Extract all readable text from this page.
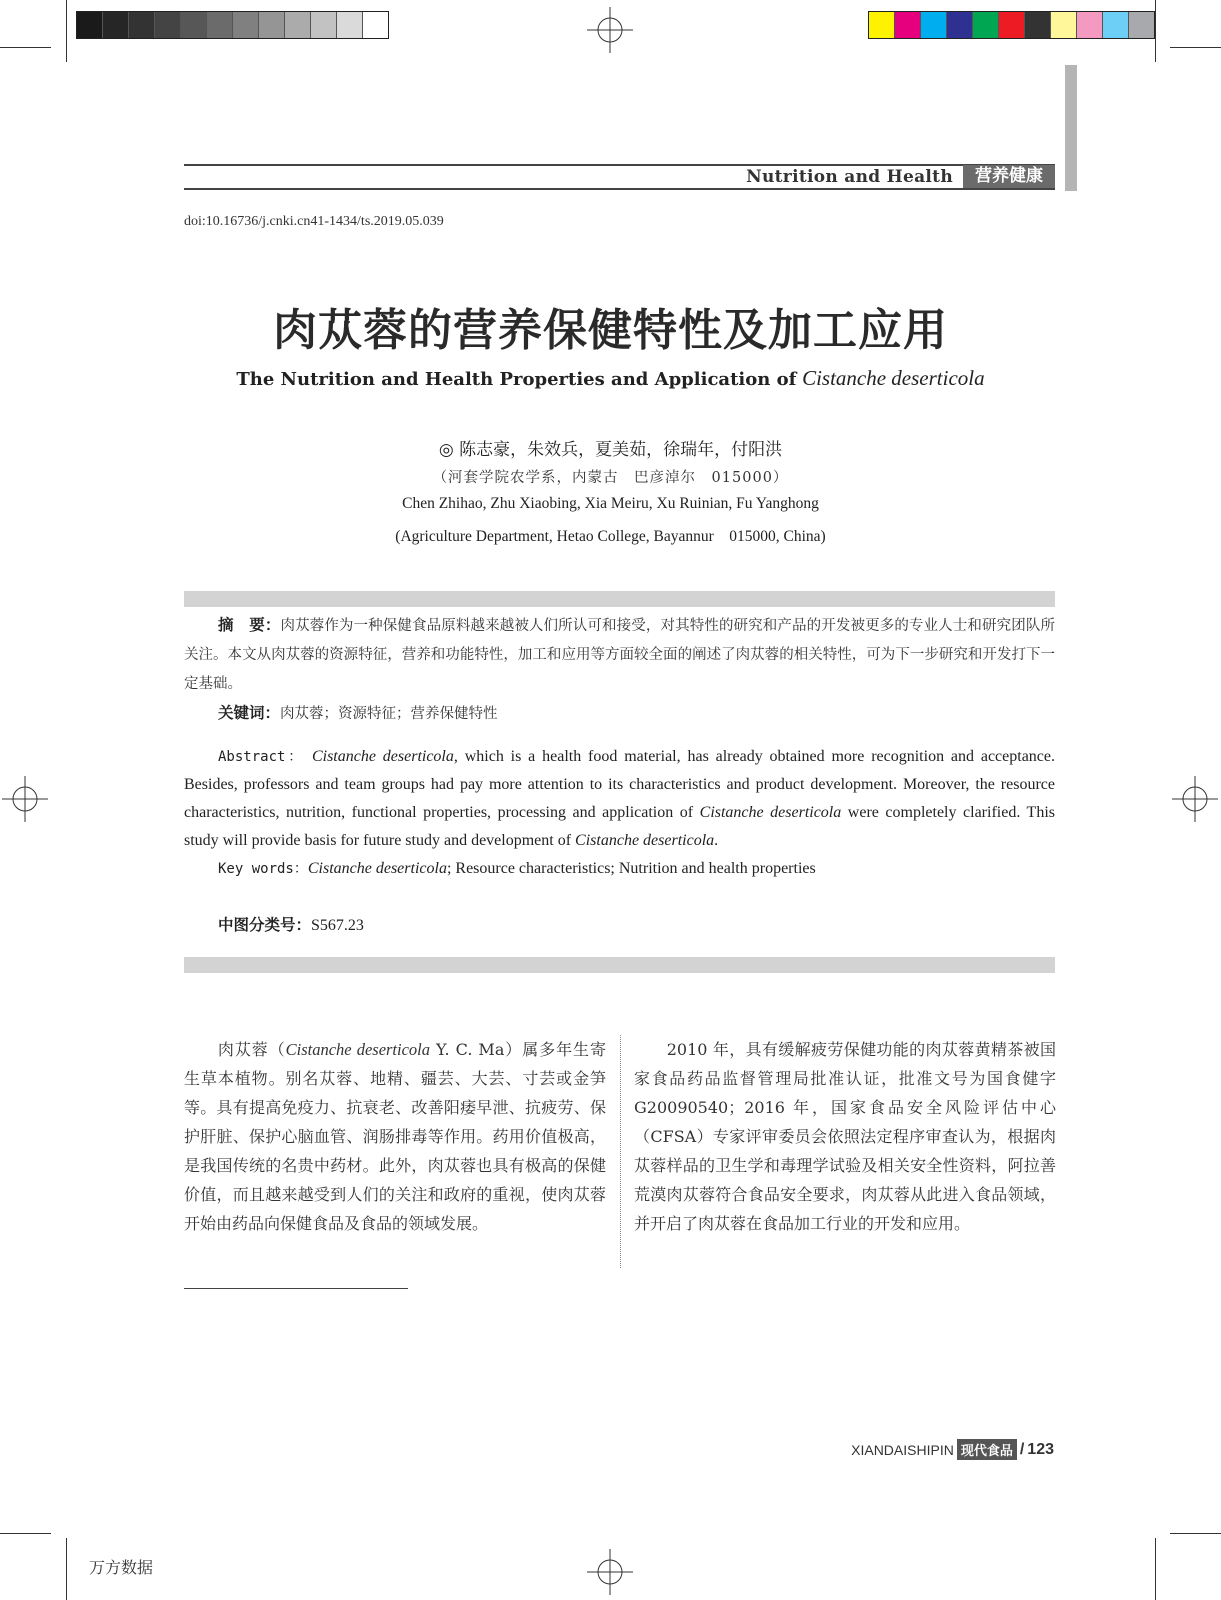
Nutrition and Health	营养健康
doi:10.16736/j.cnki.cn41-1434/ts.2019.05.039
肉苁蓉的营养保健特性及加工应用
The Nutrition and Health Properties and Application of Cistanche deserticola
◎ 陈志豪，朱效兵，夏美茹，徐瑞年，付阳洪
（河套学院农学系，内蒙古　巴彦淖尔　015000）
Chen Zhihao, Zhu Xiaobing, Xia Meiru, Xu Ruinian, Fu Yanghong
(Agriculture Department, Hetao College, Bayannur　015000, China)
摘　要：肉苁蓉作为一种保健食品原料越来越被人们所认可和接受，对其特性的研究和产品的开发被更多的专业人士和研究团队所关注。本文从肉苁蓉的资源特征，营养和功能特性，加工和应用等方面较全面的阐述了肉苁蓉的相关特性，可为下一步研究和开发打下一定基础。
关键词：肉苁蓉；资源特征；营养保健特性
Abstract： Cistanche deserticola, which is a health food material, has already obtained more recognition and acceptance. Besides, professors and team groups had pay more attention to its characteristics and product development. Moreover, the resource characteristics, nutrition, functional properties, processing and application of Cistanche deserticola were completely clarified. This study will provide basis for future study and development of Cistanche deserticola.
Key words：Cistanche deserticola; Resource characteristics; Nutrition and health properties
中图分类号：S567.23
　　肉苁蓉（Cistanche deserticola Y. C. Ma）属多年生寄生草本植物。别名苁蓉、地精、疆芸、大芸、寸芸或金笋等。具有提高免疫力、抗衰老、改善阳痿早泄、抗疲劳、保护肝脏、保护心脑血管、润肠排毒等作用。药用价值极高，是我国传统的名贵中药材。此外，肉苁蓉也具有极高的保健价值，而且越来越受到人们的关注和政府的重视，使肉苁蓉开始由药品向保健食品及食品的领域发展。
　　2010 年，具有缓解疲劳保健功能的肉苁蓉黄精茶被国家食品药品监督管理局批准认证，批准文号为国食健字 G20090540；2016 年，国家食品安全风险评估中心（CFSA）专家评审委员会依照法定程序审查认为，根据肉苁蓉样品的卫生学和毒理学试验及相关安全性资料，阿拉善荒漠肉苁蓉符合食品安全要求，肉苁蓉从此进入食品领域，并开启了肉苁蓉在食品加工行业的开发和应用。
XIANDAISHIPIN 现代食品 / 123
万方数据
